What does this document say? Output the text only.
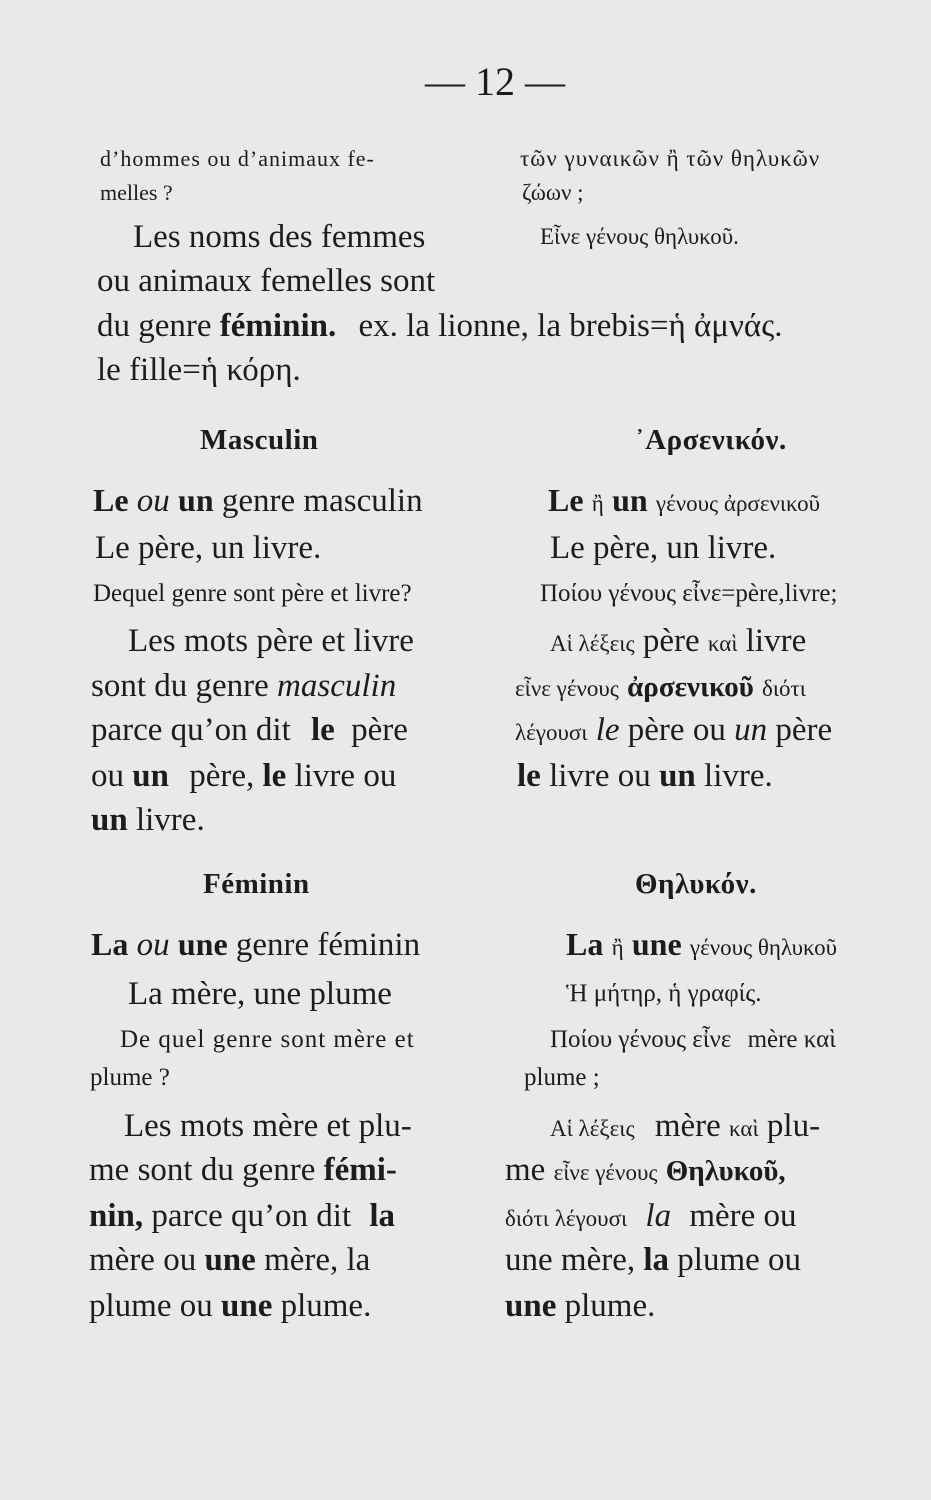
— 12 —
d’hommes ou d’animaux fe-
melles ?
τῶν γυναικῶν ἢ τῶν θηλυκῶν
ζώων ;
Les noms des femmes	Εἶνε γένους θηλυκοῦ.
ou animaux femelles sont
du genre féminin. ex. la lionne, la brebis=ἡ ἀμνάς.
le fille=ἡ κόρη.
Masculin	᾿Αρσενικόν.
Le ou un genre masculin
Le père, un livre.
Dequel genre sont père et livre?
Les mots père et livre
sont du genre masculin
parce qu’on dit le père
ou un père, le livre ou
un livre.
Le ἢ un γένους ἀρσενικοῦ
Le père, un livre.
Ποίου γένους εἶνε=père,livre;
Αἱ λέξεις père καὶ livre
εἶνε γένους ἀρσενικοῦ διότι
λέγουσι le père ou un père
le livre ou un livre.
Féminin	Θηλυκόν.
La ou une genre féminin
La mère, une plume
De quel genre sont mère et
plume ?
Les mots mère et plu-
me sont du genre fémi-
nin, parce qu’on dit la
mère ou une mère, la
plume ou une plume.
La ἢ une γένους θηλυκοῦ
Ἡ μήτηρ, ἡ γραφίς.
Ποίου γένους εἶνε mère καὶ
plume ;
Αἱ λέξεις mère καὶ plu-
me εἶνε γένους Θηλυκοῦ,
διότι λέγουσι la mère ou
une mère, la plume ou
une plume.
